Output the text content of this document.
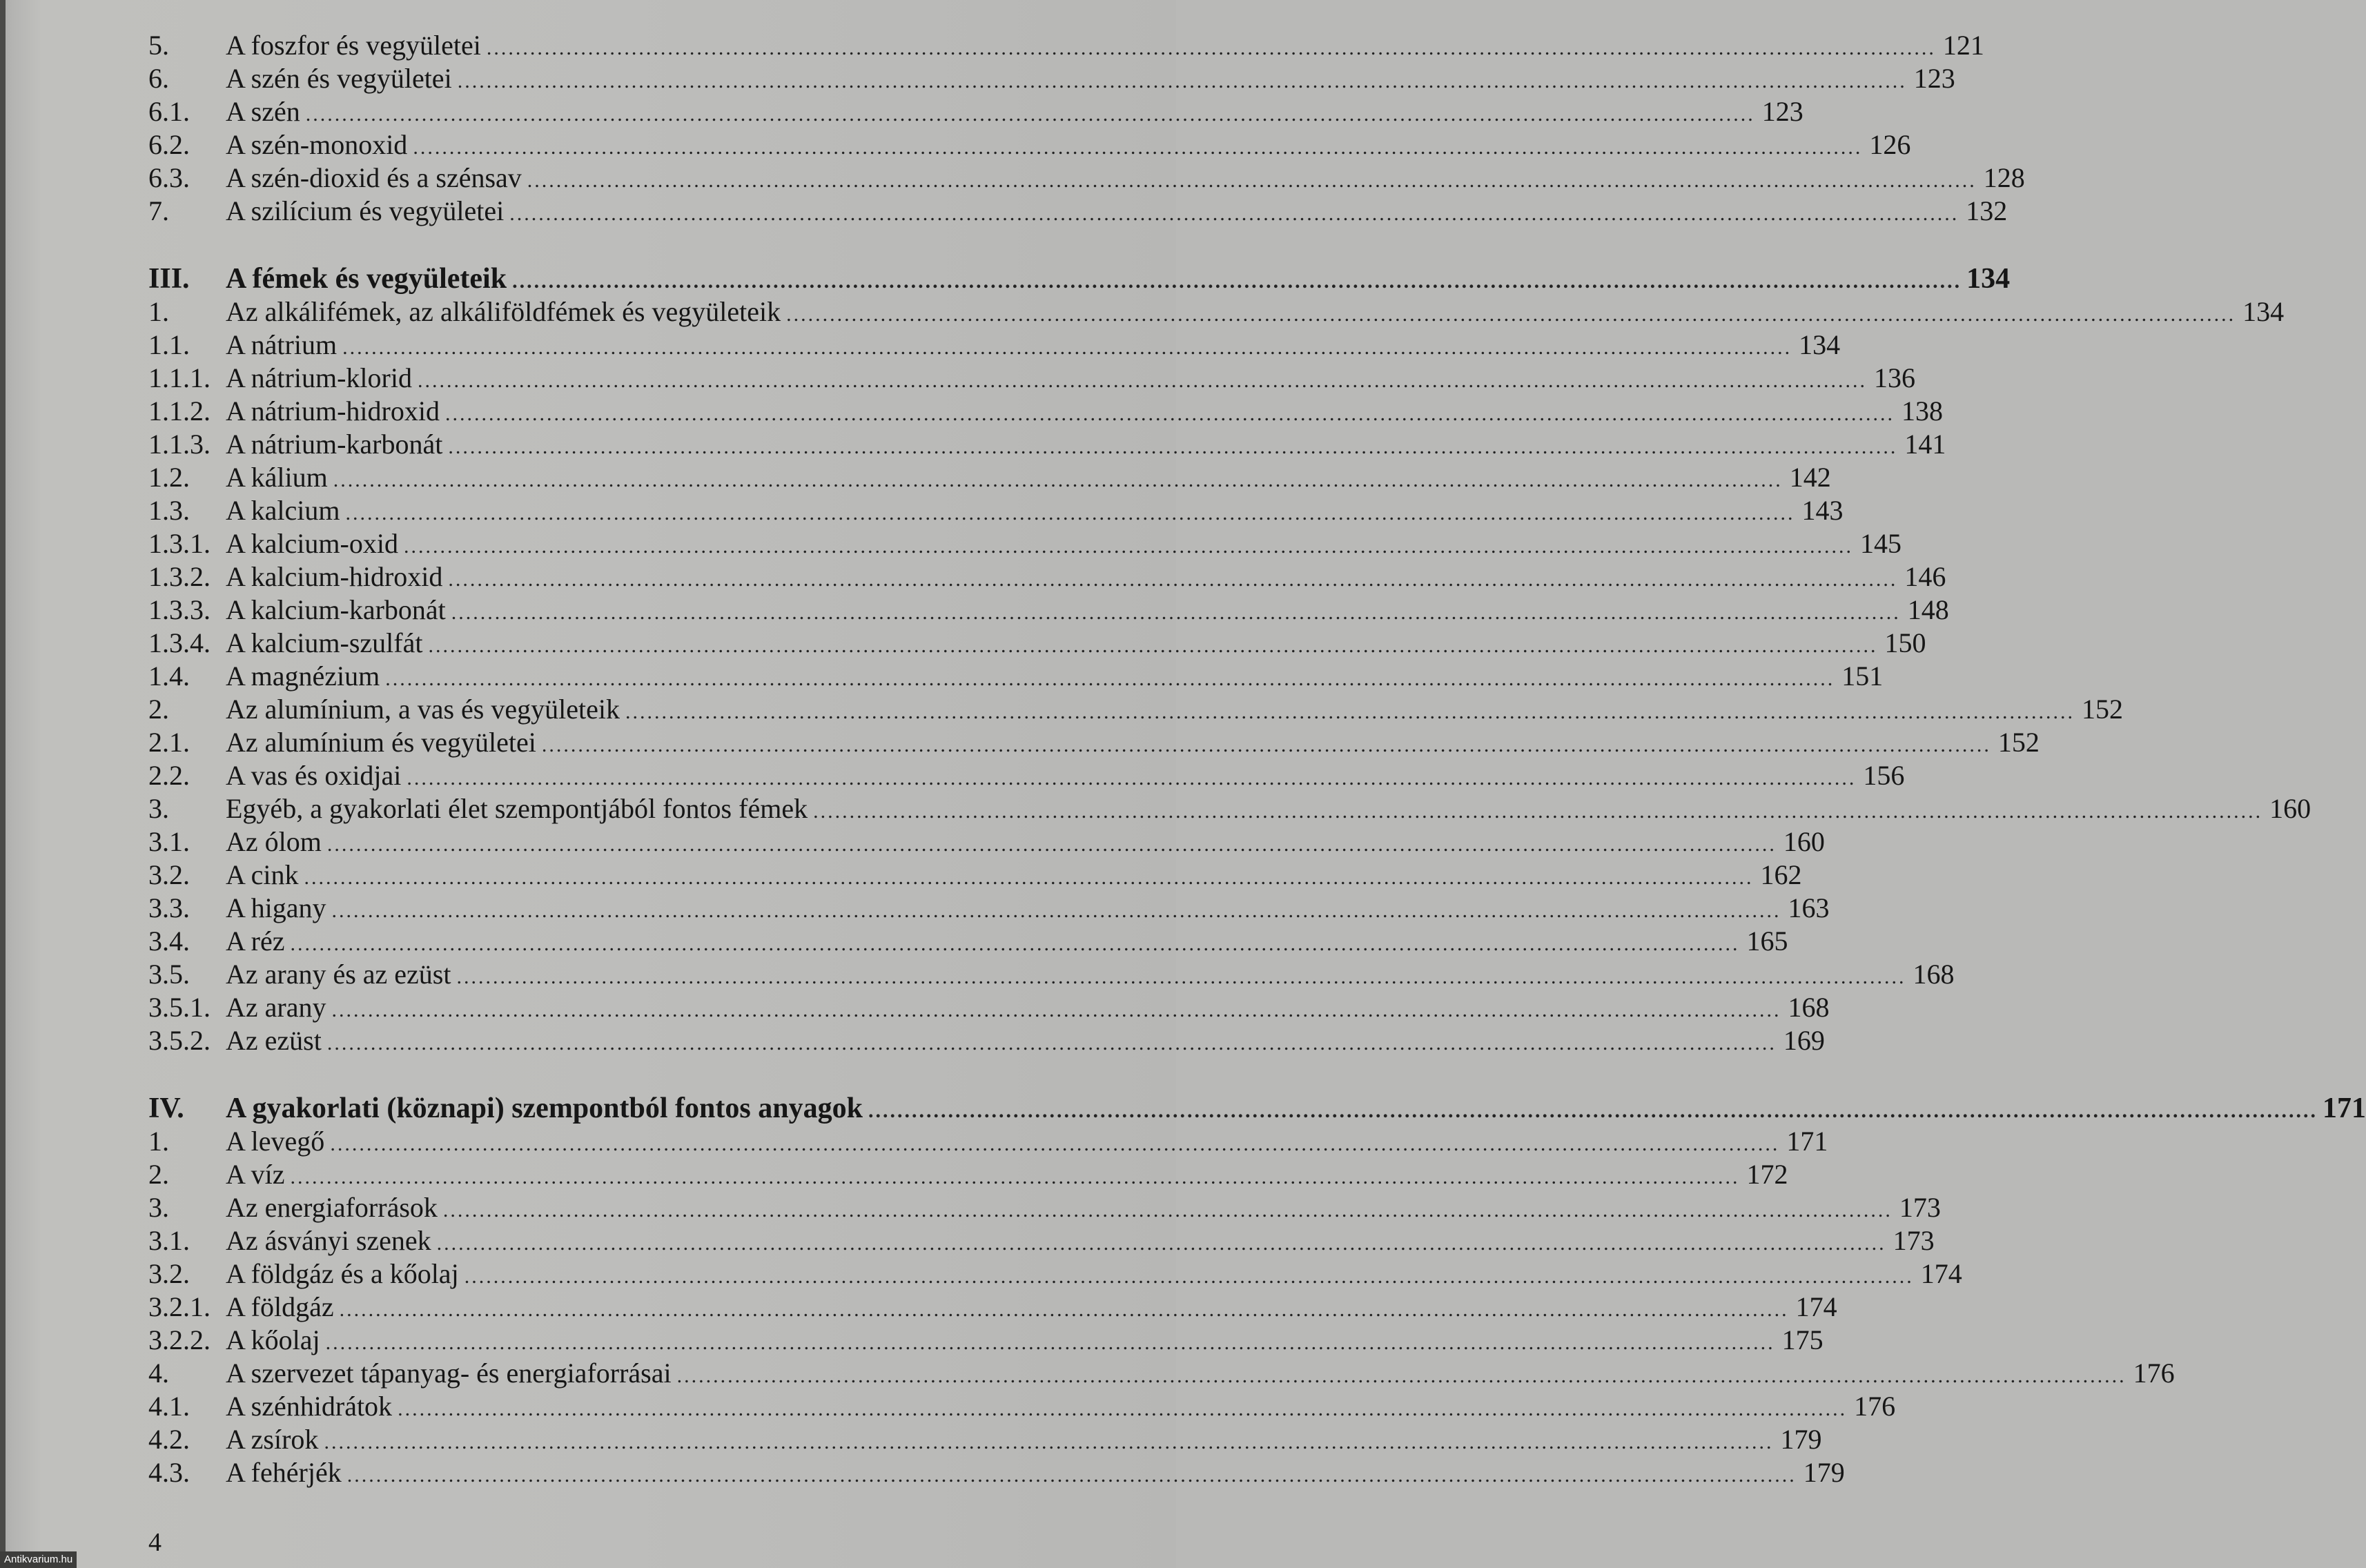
5.	A foszfor és vegyületei ........................................................................................................................................................................................................ 121
6.	A szén és vegyületei ........................................................................................................................................................................................................ 123
6.1.	A szén ........................................................................................................................................................................................................ 123
6.2.	A szén-monoxid ........................................................................................................................................................................................................ 126
6.3.	A szén-dioxid és a szénsav ........................................................................................................................................................................................................ 128
7.	A szilícium és vegyületei ........................................................................................................................................................................................................ 132
III.	A fémek és vegyületeik ........................................................................................................................................................................................................ 134
1.	Az alkálifémek, az alkáliföldfémek és vegyületeik ........................................................................................................................................................................................................ 134
1.1.	A nátrium ........................................................................................................................................................................................................ 134
1.1.1. A nátrium-klorid ........................................................................................................................................................................................................ 136
1.1.2. A nátrium-hidroxid ........................................................................................................................................................................................................ 138
1.1.3. A nátrium-karbonát ........................................................................................................................................................................................................ 141
1.2.	A kálium ........................................................................................................................................................................................................ 142
1.3.	A kalcium ........................................................................................................................................................................................................ 143
1.3.1. A kalcium-oxid ........................................................................................................................................................................................................ 145
1.3.2. A kalcium-hidroxid ........................................................................................................................................................................................................ 146
1.3.3. A kalcium-karbonát ........................................................................................................................................................................................................ 148
1.3.4. A kalcium-szulfát ........................................................................................................................................................................................................ 150
1.4.	A magnézium ........................................................................................................................................................................................................ 151
2.	Az alumínium, a vas és vegyületeik ........................................................................................................................................................................................................ 152
2.1.	Az alumínium és vegyületei ........................................................................................................................................................................................................ 152
2.2.	A vas és oxidjai ........................................................................................................................................................................................................ 156
3.	Egyéb, a gyakorlati élet szempontjából fontos fémek ........................................................................................................................................................................................................ 160
3.1.	Az ólom ........................................................................................................................................................................................................ 160
3.2.	A cink ........................................................................................................................................................................................................ 162
3.3.	A higany ........................................................................................................................................................................................................ 163
3.4.	A réz ........................................................................................................................................................................................................ 165
3.5.	Az arany és az ezüst ........................................................................................................................................................................................................ 168
3.5.1. Az arany ........................................................................................................................................................................................................ 168
3.5.2. Az ezüst ........................................................................................................................................................................................................ 169
IV.	A gyakorlati (köznapi) szempontból fontos anyagok ........................................................................................................................................................................................................ 171
1.	A levegő ........................................................................................................................................................................................................ 171
2.	A víz ........................................................................................................................................................................................................ 172
3.	Az energiaforrások ........................................................................................................................................................................................................ 173
3.1.	Az ásványi szenek ........................................................................................................................................................................................................ 173
3.2.	A földgáz és a kőolaj ........................................................................................................................................................................................................ 174
3.2.1. A földgáz ........................................................................................................................................................................................................ 174
3.2.2. A kőolaj ........................................................................................................................................................................................................ 175
4.	A szervezet tápanyag- és energiaforrásai ........................................................................................................................................................................................................ 176
4.1.	A szénhidrátok ........................................................................................................................................................................................................ 176
4.2.	A zsírok ........................................................................................................................................................................................................ 179
4.3.	A fehérjék ........................................................................................................................................................................................................ 179
4
Antikvarium.hu
